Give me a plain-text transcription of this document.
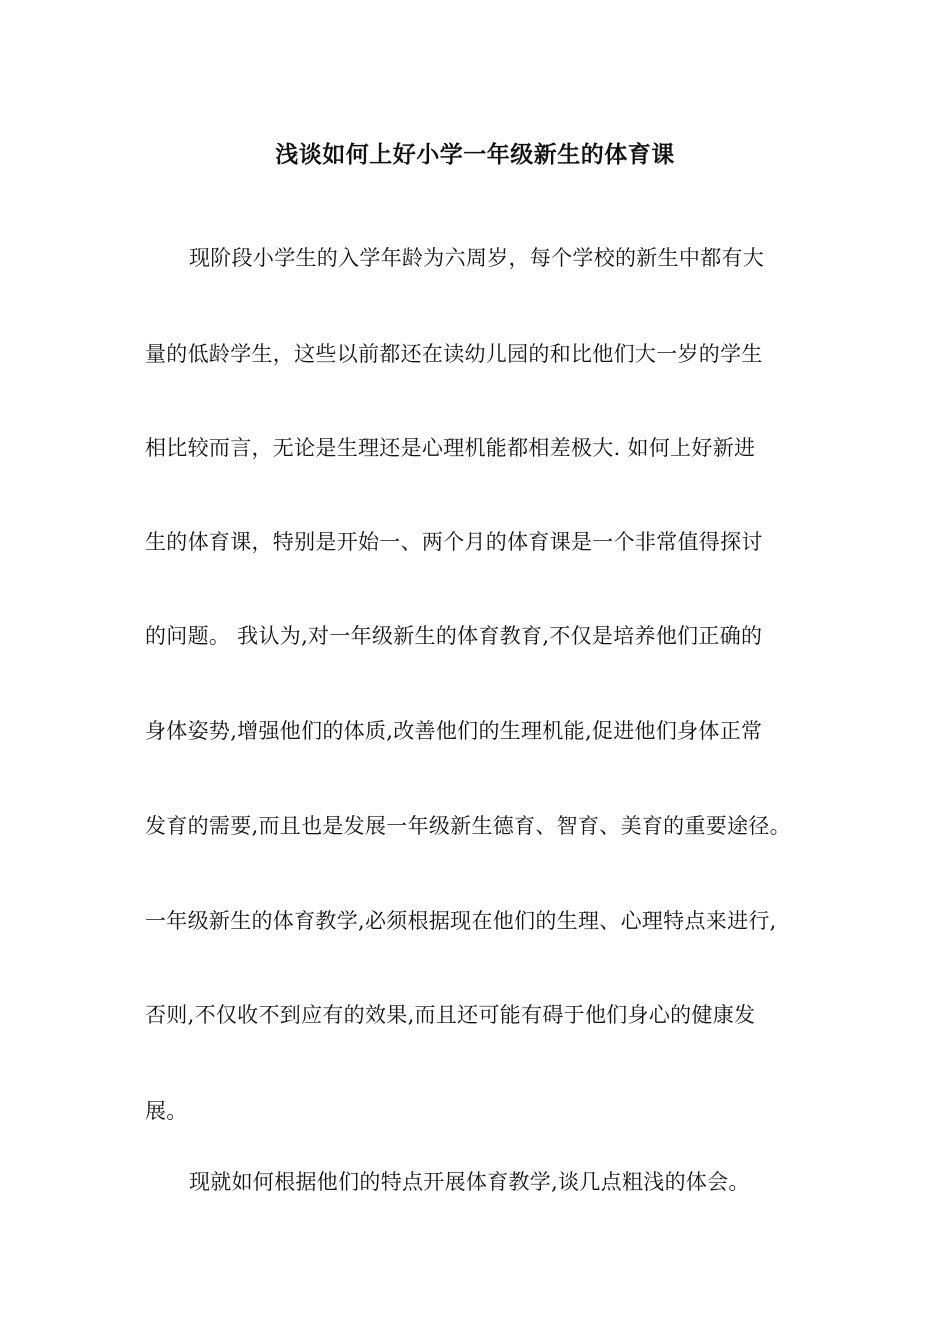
浅谈如何上好小学一年级新生的体育课
现阶段小学生的入学年龄为六周岁，每个学校的新生中都有大
量的低龄学生，这些以前都还在读幼儿园的和比他们大一岁的学生
相比较而言，无论是生理还是心理机能都相差极大. 如何上好新进
生的体育课，特别是开始一、两个月的体育课是一个非常值得探讨
的问题。 我认为,对一年级新生的体育教育,不仅是培养他们正确的
身体姿势,增强他们的体质,改善他们的生理机能,促进他们身体正常
发育的需要,而且也是发展一年级新生德育、智育、美育的重要途径。
一年级新生的体育教学,必须根据现在他们的生理、心理特点来进行,
否则,不仅收不到应有的效果,而且还可能有碍于他们身心的健康发
展。
现就如何根据他们的特点开展体育教学,谈几点粗浅的体会。
